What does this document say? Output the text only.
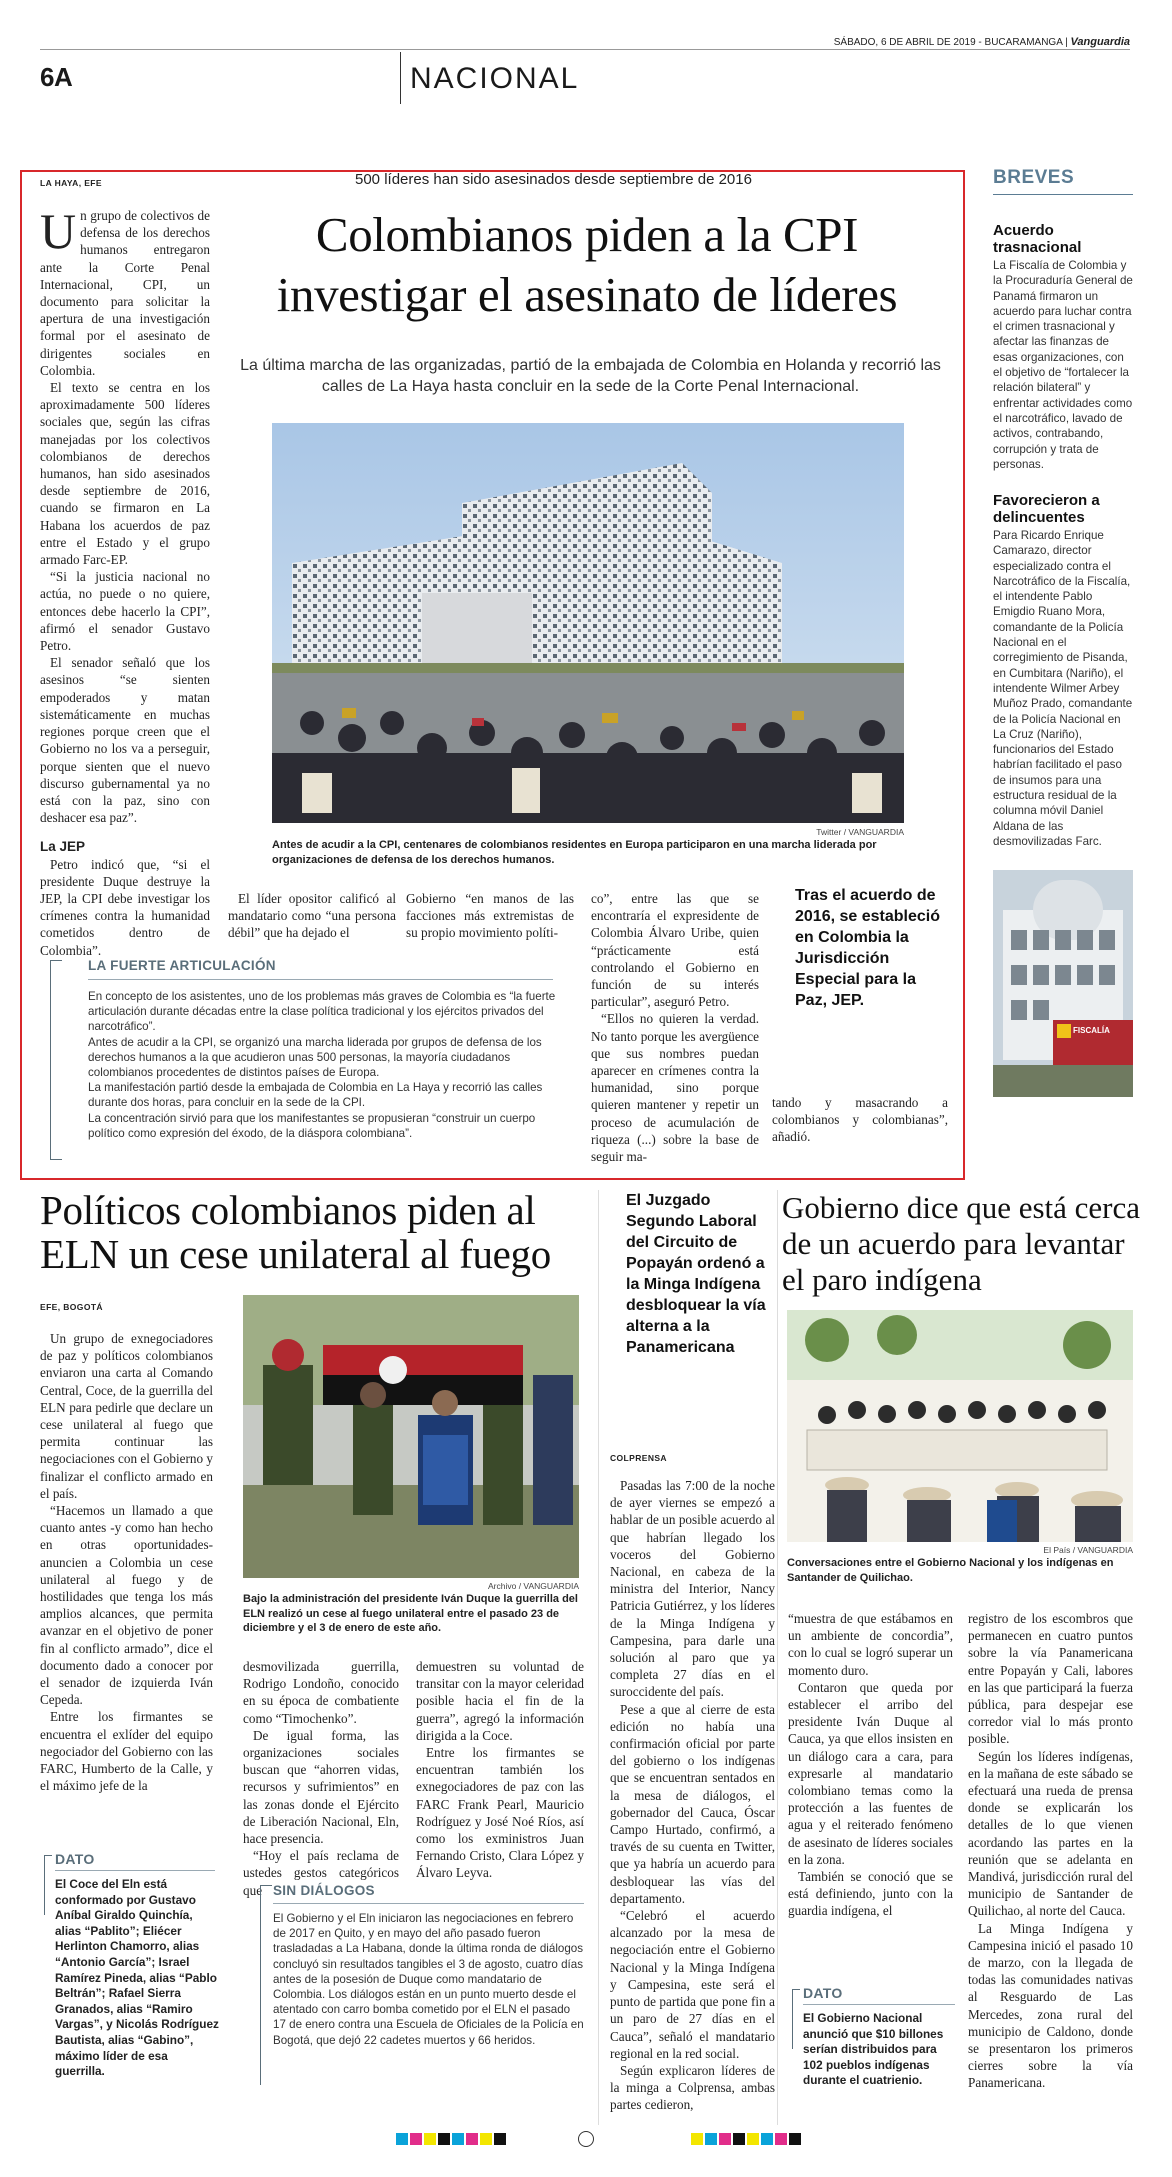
6A	NACIONAL
SÁBADO, 6 DE ABRIL DE 2019 - BUCARAMANGA | Vanguardia
LA HAYA, EFE	500 líderes han sido asesinados desde septiembre de 2016
Colombianos piden a la CPI investigar el asesinato de líderes
La última marcha de las organizadas, partió de la embajada de Colombia en Holanda y recorrió las calles de La Haya hasta concluir en la sede de la Corte Penal Internacional.
U n grupo de colectivos de defensa de los derechos humanos entregaron ante la Corte Penal Internacional, CPI, un documento para solicitar la apertura de una investigación formal por el asesinato de dirigentes sociales en Colombia.

El texto se centra en los aproximadamente 500 líderes sociales que, según las cifras manejadas por los colectivos colombianos de derechos humanos, han sido asesinados desde septiembre de 2016, cuando se firmaron en La Habana los acuerdos de paz entre el Estado y el grupo armado Farc-EP.

“Si la justicia nacional no actúa, no puede o no quiere, entonces debe hacerlo la CPI”, afirmó el senador Gustavo Petro.

El senador señaló que los asesinos “se sienten empoderados y matan sistemáticamente en muchas regiones porque creen que el Gobierno no los va a perseguir, porque sienten que el nuevo discurso gubernamental ya no está con la paz, sino con deshacer esa paz”.

La JEP

Petro indicó que, “si el presidente Duque destruye la JEP, la CPI debe investigar los crímenes contra la humanidad cometidos dentro de Colombia”.

Twitter / VANGUARDIA
Antes de acudir a la CPI, centenares de colombianos residentes en Europa participaron en una marcha liderada por organizaciones de defensa de los derechos humanos.

El líder opositor calificó al mandatario como “una persona débil” que ha dejado el

Gobierno “en manos de las facciones más extremistas de su propio movimiento políti-

co”, entre las que se encontraría el expresidente de Colombia Álvaro Uribe, quien “prácticamente está controlando el Gobierno en función de su interés particular”, aseguró Petro.

“Ellos no quieren la verdad. No tanto porque les avergüence que sus nombres puedan aparecer en crímenes contra la humanidad, sino porque quieren mantener y repetir un proceso de acumulación de riqueza (...) sobre la base de seguir ma-

tando y masacrando a colombianos y colombianas”, añadió.

Tras el acuerdo de 2016, se estableció en Colombia la Jurisdicción Especial para la Paz, JEP.
LA FUERTE ARTICULACIÓN

En concepto de los asistentes, uno de los problemas más graves de Colombia es “la fuerte articulación durante décadas entre la clase política tradicional y los ejércitos privados del narcotráfico”.

Antes de acudir a la CPI, se organizó una marcha liderada por grupos de defensa de los derechos humanos a la que acudieron unas 500 personas, la mayoría ciudadanos colombianos procedentes de distintos países de Europa.

La manifestación partió desde la embajada de Colombia en La Haya y recorrió las calles durante dos horas, para concluir en la sede de la CPI.

La concentración sirvió para que los manifestantes se propusieran “construir un cuerpo político como expresión del éxodo, de la diáspora colombiana”.

BREVES
Acuerdo trasnacional
La Fiscalía de Colombia y la Procuraduría General de Panamá firmaron un acuerdo para luchar contra el crimen trasnacional y afectar las finanzas de esas organizaciones, con el objetivo de “fortalecer la relación bilateral” y enfrentar actividades como el narcotráfico, lavado de activos, contrabando, corrupción y trata de personas.
Favorecieron a delincuentes
Para Ricardo Enrique Camarazo, director especializado contra el Narcotráfico de la Fiscalía, el intendente Pablo Emigdio Ruano Mora, comandante de la Policía Nacional en el corregimiento de Pisanda, en Cumbitara (Nariño), el intendente Wilmer Arbey Muñoz Prado, comandante de la Policía Nacional en La Cruz (Nariño), funcionarios del Estado habrían facilitado el paso de insumos para una estructura residual de la columna móvil Daniel Aldana de las desmovilizadas Farc.
FISCALÍA
Políticos colombianos piden al ELN un cese unilateral al fuego
EFE, BOGOTÁ

Un grupo de exnegociadores de paz y políticos colombianos enviaron una carta al Comando Central, Coce, de la guerrilla del ELN para pedirle que declare un cese unilateral al fuego que permita continuar las negociaciones con el Gobierno y finalizar el conflicto armado en el país.

“Hacemos un llamado a que cuanto antes -y como han hecho en otras oportunidades- anuncien a Colombia un cese unilateral al fuego y de hostilidades que tenga los más amplios alcances, que permita avanzar en el objetivo de poner fin al conflicto armado”, dice el documento dado a conocer por el senador de izquierda Iván Cepeda.

Entre los firmantes se encuentra el exlíder del equipo negociador del Gobierno con las FARC, Humberto de la Calle, y el máximo jefe de la

Archivo / VANGUARDIA
Bajo la administración del presidente Iván Duque la guerrilla del ELN realizó un cese al fuego unilateral entre el pasado 23 de diciembre y el 3 de enero de este año.

desmovilizada guerrilla, Rodrigo Londoño, conocido en su época de combatiente como “Timochenko”.

De igual forma, las organizaciones sociales buscan que “ahorren vidas, recursos y sufrimientos” en las zonas donde el Ejército de Liberación Nacional, Eln, hace presencia.

“Hoy el país reclama de ustedes gestos categóricos que

demuestren su voluntad de transitar con la mayor celeridad posible hacia el fin de la guerra”, agregó la información dirigida a la Coce.

Entre los firmantes se encuentran también los exnegociadores de paz con las FARC Frank Pearl, Mauricio Rodríguez y José Noé Ríos, así como los exministros Juan Fernando Cristo, Clara López y Álvaro Leyva.

DATO
El Coce del Eln está conformado por Gustavo Aníbal Giraldo Quinchía, alias “Pablito”; Eliécer Herlinton Chamorro, alias “Antonio García”; Israel Ramírez Pineda, alias “Pablo Beltrán”; Rafael Sierra Granados, alias “Ramiro Vargas”, y Nicolás Rodríguez Bautista, alias “Gabino”, máximo líder de esa guerrilla.
SIN DIÁLOGOS
El Gobierno y el Eln iniciaron las negociaciones en febrero de 2017 en Quito, y en mayo del año pasado fueron trasladadas a La Habana, donde la última ronda de diálogos concluyó sin resultados tangibles el 3 de agosto, cuatro días antes de la posesión de Duque como mandatario de Colombia. Los diálogos están en un punto muerto desde el atentado con carro bomba cometido por el ELN el pasado 17 de enero contra una Escuela de Oficiales de la Policía en Bogotá, que dejó 22 cadetes muertos y 66 heridos.
El Juzgado Segundo Laboral del Circuito de Popayán ordenó a la Minga Indígena desbloquear la vía alterna a la Panamericana
COLPRENSA

Pasadas las 7:00 de la noche de ayer viernes se empezó a hablar de un posible acuerdo al que habrían llegado los voceros del Gobierno Nacional, en cabeza de la ministra del Interior, Nancy Patricia Gutiérrez, y los líderes de la Minga Indígena y Campesina, para darle una solución al paro que ya completa 27 días en el suroccidente del país.

Pese a que al cierre de esta edición no había una confirmación oficial por parte del gobierno o los indígenas que se encuentran sentados en la mesa de diálogos, el gobernador del Cauca, Óscar Campo Hurtado, confirmó, a través de su cuenta en Twitter, que ya habría un acuerdo para desbloquear las vías del departamento.

“Celebró el acuerdo alcanzado por la mesa de negociación entre el Gobierno Nacional y la Minga Indígena y Campesina, este será el punto de partida que pone fin a un paro de 27 días en el Cauca”, señaló el mandatario regional en la red social.

Según explicaron líderes de la minga a Colprensa, ambas partes cedieron,

Gobierno dice que está cerca de un acuerdo para levantar el paro indígena
El País / VANGUARDIA
Conversaciones entre el Gobierno Nacional y los indígenas en Santander de Quilichao.

“muestra de que estábamos en un ambiente de concordia”, con lo cual se logró superar un momento duro.

Contaron que queda por establecer el arribo del presidente Iván Duque al Cauca, ya que ellos insisten en un diálogo cara a cara, para expresarle al mandatario colombiano temas como la protección a las fuentes de agua y el reiterado fenómeno de asesinato de líderes sociales en la zona.

También se conoció que se está definiendo, junto con la guardia indígena, el

DATO
El Gobierno Nacional anunció que $10 billones serían distribuidos para 102 pueblos indígenas durante el cuatrienio.

registro de los escombros que permanecen en cuatro puntos sobre la vía Panamericana entre Popayán y Cali, labores en las que participará la fuerza pública, para despejar ese corredor vial lo más pronto posible.

Según los líderes indígenas, en la mañana de este sábado se efectuará una rueda de prensa donde se explicarán los detalles de lo que vienen acordando las partes en la reunión que se adelanta en Mandivá, jurisdicción rural del municipio de Santander de Quilichao, al norte del Cauca.

La Minga Indígena y Campesina inició el pasado 10 de marzo, con la llegada de todas las comunidades nativas al Resguardo de Las Mercedes, zona rural del municipio de Caldono, donde se presentaron los primeros cierres sobre la vía Panamericana.
